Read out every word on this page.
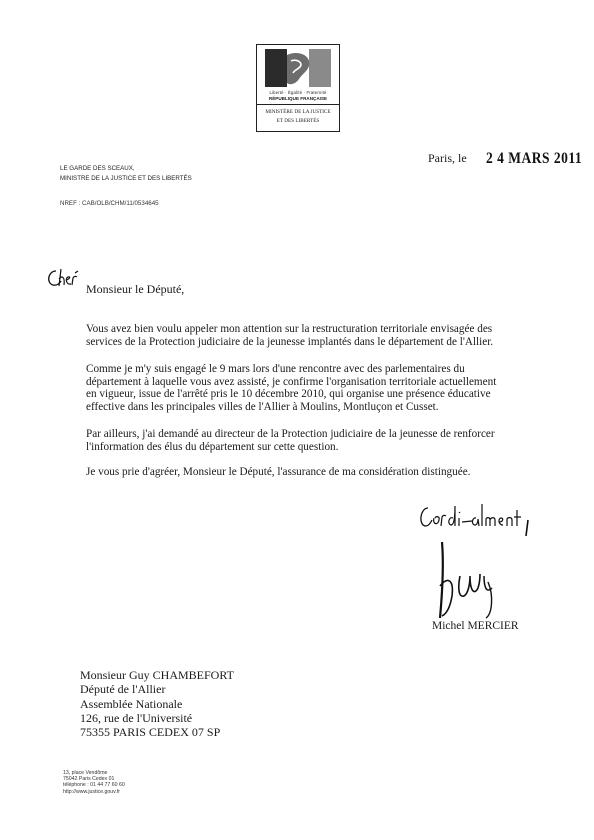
Liberté · Égalité · Fraternité
RÉPUBLIQUE FRANÇAISE
MINISTÈRE DE LA JUSTICE
ET DES LIBERTÉS
Paris, le 2 4 MARS 2011
LE GARDE DES SCEAUX,
MINISTRE DE LA JUSTICE ET DES LIBERTÉS
NREF : CAB/OLB/CHM/11/0534645
Monsieur le Député,
Vous avez bien voulu appeler mon attention sur la restructuration territoriale envisagée des
services de la Protection judiciaire de la jeunesse implantés dans le département de l'Allier.
Comme je m'y suis engagé le 9 mars lors d'une rencontre avec des parlementaires du
département à laquelle vous avez assisté, je confirme l'organisation territoriale actuellement
en vigueur, issue de l'arrêté pris le 10 décembre 2010, qui organise une présence éducative
effective dans les principales villes de l'Allier à Moulins, Montluçon et Cusset.
Par ailleurs, j'ai demandé au directeur de la Protection judiciaire de la jeunesse de renforcer
l'information des élus du département sur cette question.
Je vous prie d'agréer, Monsieur le Député, l'assurance de ma considération distinguée.
Michel MERCIER
Monsieur Guy CHAMBEFORT
Député de l'Allier
Assemblée Nationale
126, rue de l'Université
75355 PARIS CEDEX 07 SP
13, place Vendôme
75042 Paris Cedex 01
téléphone : 01 44 77 60 60
http://www.justice.gouv.fr
